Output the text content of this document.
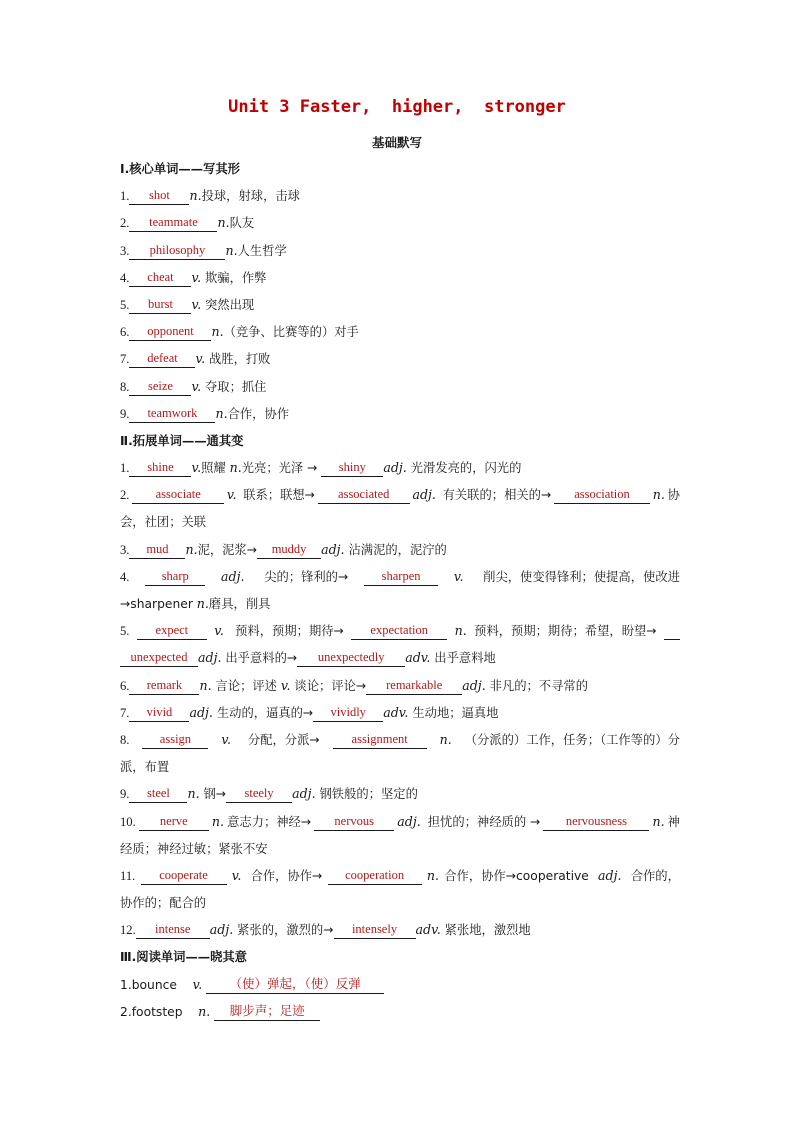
Unit 3 Faster,  higher,  stronger
基础默写
Ⅰ.核心单词——写其形
1.	shot	n. 投球，射球，击球
2.	teammate	n. 队友
3.	philosophy	n. 人生哲学
4.	cheat	v. 欺骗，作弊
5.	burst	v. 突然出现
6.	opponent	n. （竞争、比赛等的）对手
7.	defeat	v. 战胜，打败
8.	seize	v. 夺取；抓住
9.	teamwork	n. 合作，协作
Ⅱ.拓展单词——通其变
1.	shine	v. 照耀 n. 光亮；光泽 →	shiny	adj. 光滑发亮的，闪光的
2.	associate	v. 联系；联想→	associated	adj. 有关联的；相关的→	association	n. 协
会，社团；关联
3.	mud	n. 泥，泥浆→	muddy	adj. 沾满泥的，泥泞的
4.	sharp	adj. 尖的；锋利的→	sharpen	v. 削尖，使变得锋利；使提高，使改进
→sharpener n. 磨具，削具
5.	expect	v. 预料，预期；期待→	expectation	n. 预料，预期；期待；希望，盼望→
unexpected adj. 出乎意料的→	unexpectedly	adv. 出乎意料地
6.	remark	n. 言论；评述 v. 谈论；评论→	remarkable	adj. 非凡的；不寻常的
7.	vivid	adj. 生动的，逼真的→	vividly	adv. 生动地；逼真地
8.	assign	v. 分配，分派→	assignment	n. （分派的）工作，任务；（工作等的）分
派，布置
9.	steel	n. 钢→	steely	adj. 钢铁般的；坚定的
10.	nerve	n. 意志力；神经→	nervous	adj. 担忧的；神经质的 →	nervousness	n. 神
经质；神经过敏；紧张不安
11.	cooperate	v. 合作，协作→	cooperation	n. 合作，协作→cooperative adj. 合作的，
协作的；配合的
12.	intense	adj. 紧张的，激烈的→	intensely	adv. 紧张地，激烈地
Ⅲ.阅读单词——晓其意
1.bounce v.
	（使）弹起，（使）反弹
2.footstep n.
	脚步声；足迹
